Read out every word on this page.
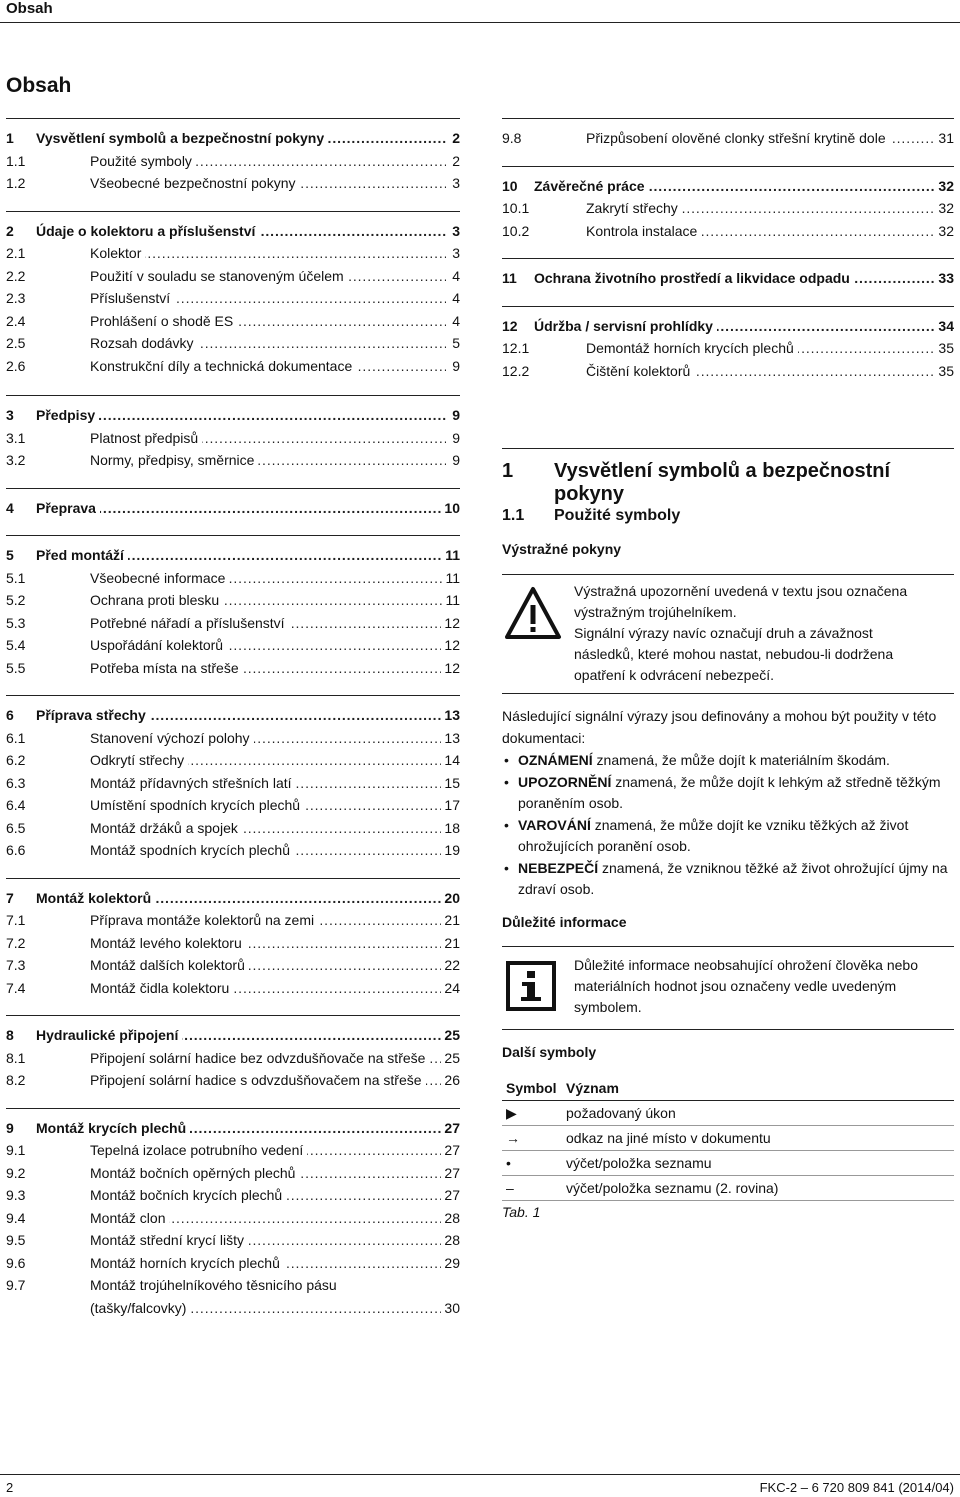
Obsah
Obsah
1 Vysvětlení symbolů a bezpečnostní pokyny . . .	2
1.1	Použité symboly . . .	2
1.2	Všeobecné bezpečnostní pokyny . . .	3
2 Údaje o kolektoru a příslušenství . . .	3
2.1	Kolektor . . .	3
2.2	Použití v souladu se stanoveným účelem . . .	4
2.3	Příslušenství . . .	4
2.4	Prohlášení o shodě ES . . .	4
2.5	Rozsah dodávky . . .	5
2.6	Konstrukční díly a technická dokumentace . . .	9
3 Předpisy . . .	9
3.1	Platnost předpisů . . .	9
3.2	Normy, předpisy, směrnice . . .	9
4 Přeprava . . .	10
5 Před montáží . . .	11
5.1	Všeobecné informace . . .	11
5.2	Ochrana proti blesku . . .	11
5.3	Potřebné nářadí a příslušenství . . .	12
5.4	Uspořádání kolektorů . . .	12
5.5	Potřeba místa na střeše . . .	12
6 Příprava střechy . . .	13
6.1	Stanovení výchozí polohy . . .	13
6.2	Odkrytí střechy . . .	14
6.3	Montáž přídavných střešních latí . . .	15
6.4	Umístění spodních krycích plechů . . .	17
6.5	Montáž držáků a spojek . . .	18
6.6	Montáž spodních krycích plechů . . .	19
7 Montáž kolektorů . . .	20
7.1	Příprava montáže kolektorů na zemi . . .	21
7.2	Montáž levého kolektoru . . .	21
7.3	Montáž dalších kolektorů . . .	22
7.4	Montáž čidla kolektoru . . .	24
8 Hydraulické připojení . . .	25
8.1	Připojení solární hadice bez odvzdušňovače na střeše . . .	25
8.2	Připojení solární hadice s odvzdušňovačem na střeše . . .	26
9 Montáž krycích plechů . . .	27
9.1	Tepelná izolace potrubního vedení . . .	27
9.2	Montáž bočních opěrných plechů . . .	27
9.3	Montáž bočních krycích plechů . . .	27
9.4	Montáž clon . . .	28
9.5	Montáž střední krycí lišty . . .	28
9.6	Montáž horních krycích plechů . . .	29
9.7	Montáž trojúhelníkového těsnicího pásu
(tašky/falcovky) . . .	30
9.8	Přizpůsobení olověné clonky střešní krytině dole . . .	31
10 Závěrečné práce . . .	32
10.1	Zakrytí střechy . . .	32
10.2	Kontrola instalace . . .	32
11 Ochrana životního prostředí a likvidace odpadu . . .	33
12 Údržba / servisní prohlídky . . .	34
12.1	Demontáž horních krycích plechů . . .	35
12.2	Čištění kolektorů . . .	35
1 Vysvětlení symbolů a bezpečnostní pokyny
1.1 Použité symboly
Výstražné pokyny
Výstražná upozornění uvedená v textu jsou označena
výstražným trojúhelníkem.
Signální výrazy navíc označují druh a závažnost
následků, které mohou nastat, nebudou-li dodržena
opatření k odvrácení nebezpečí.
Následující signální výrazy jsou definovány a mohou být použity v této
dokumentaci:
• OZNÁMENÍ znamená, že může dojít k materiálním škodám.
• UPOZORNĚNÍ znamená, že může dojít k lehkým až středně těžkým
poraněním osob.
• VAROVÁNÍ znamená, že může dojít ke vzniku těžkých až život
ohrožujících poranění osob.
• NEBEZPEČÍ znamená, že vzniknou těžké až život ohrožující újmy na
zdraví osob.
Důležité informace
Důležité informace neobsahující ohrožení člověka nebo
materiálních hodnot jsou označeny vedle uvedeným
symbolem.
Další symboly
Symbol	Význam
▶	požadovaný úkon
→	odkaz na jiné místo v dokumentu
•	výčet/položka seznamu
–	výčet/položka seznamu (2. rovina)
Tab. 1
2	FKC-2 – 6 720 809 841 (2014/04)
